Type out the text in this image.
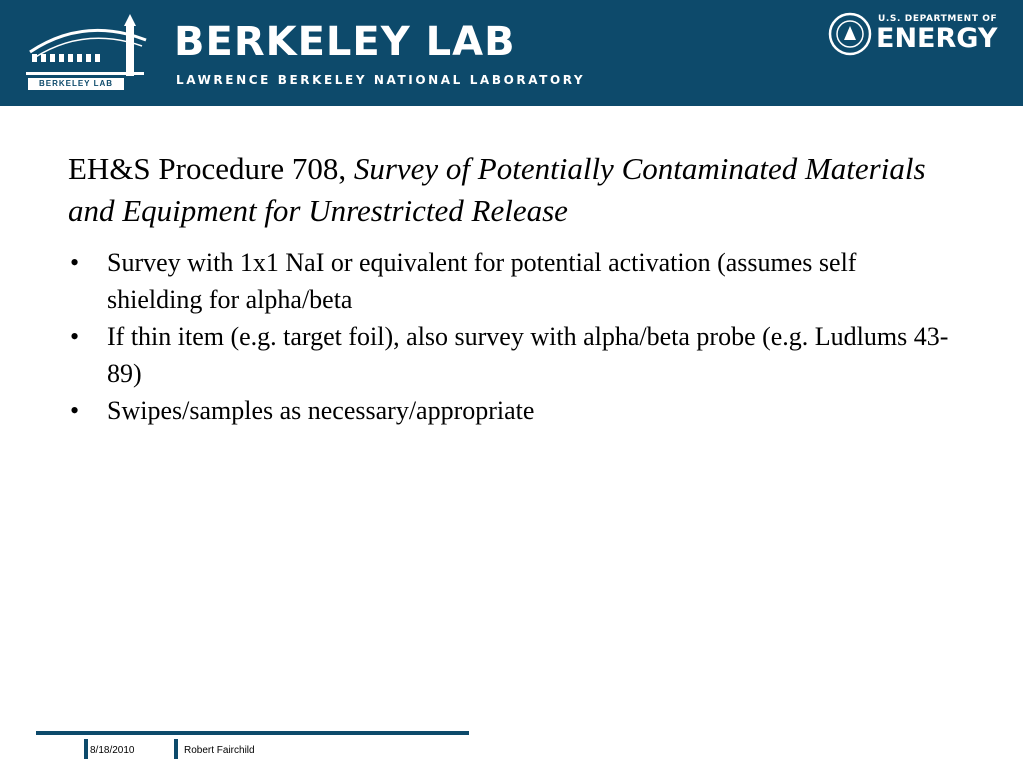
BERKELEY LAB
BERKELEY LAB
LAWRENCE BERKELEY NATIONAL LABORATORY
U.S. DEPARTMENT OF
ENERGY
EH&S Procedure 708, Survey of Potentially Contaminated Materials and Equipment for Unrestricted Release
• Survey with 1x1 NaI or equivalent for potential activation (assumes self shielding for alpha/beta
• If thin item (e.g. target foil), also survey with alpha/beta probe (e.g. Ludlums 43-89)
• Swipes/samples as necessary/appropriate
8/18/2010	Robert Fairchild
